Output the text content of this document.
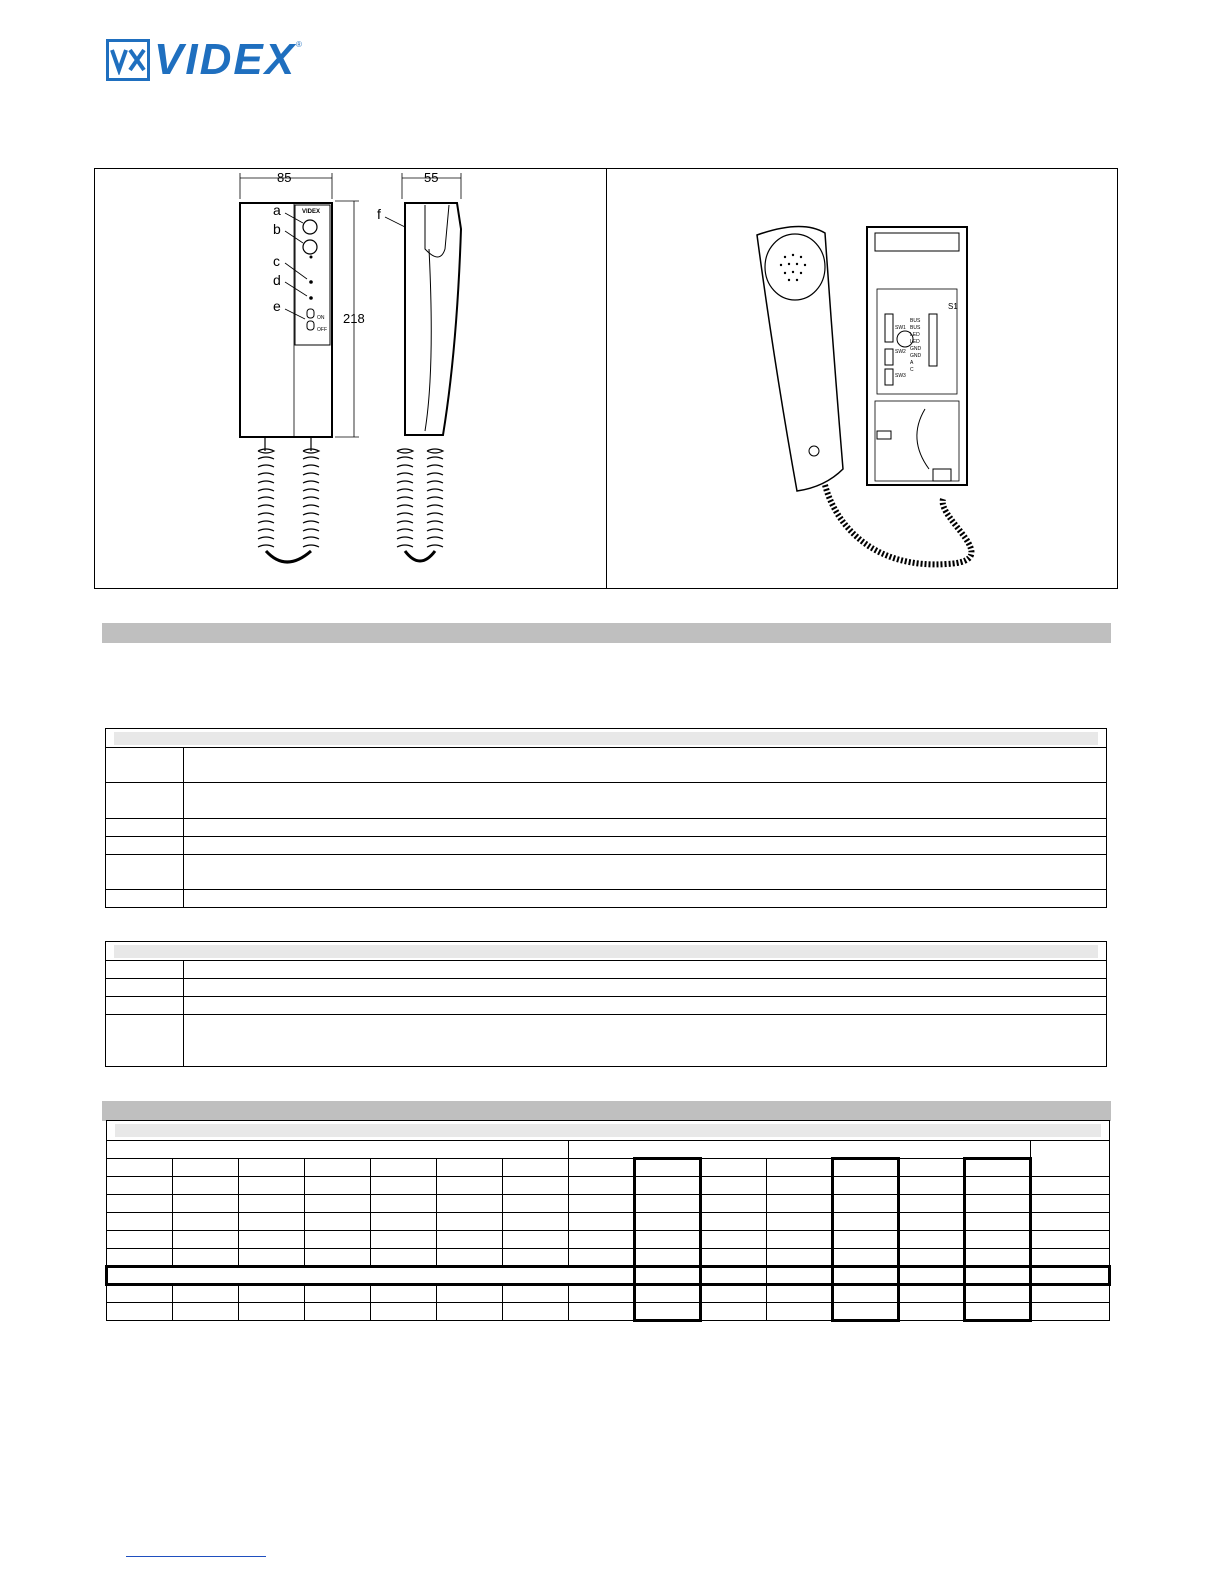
VIDEX ®
85
218
VIDEX
ON
OFF
a
b
c
d
e
55
f
S1
BUS
BUS
LED
LED
GND
GND
A
C
SW1
SW2
SW3
